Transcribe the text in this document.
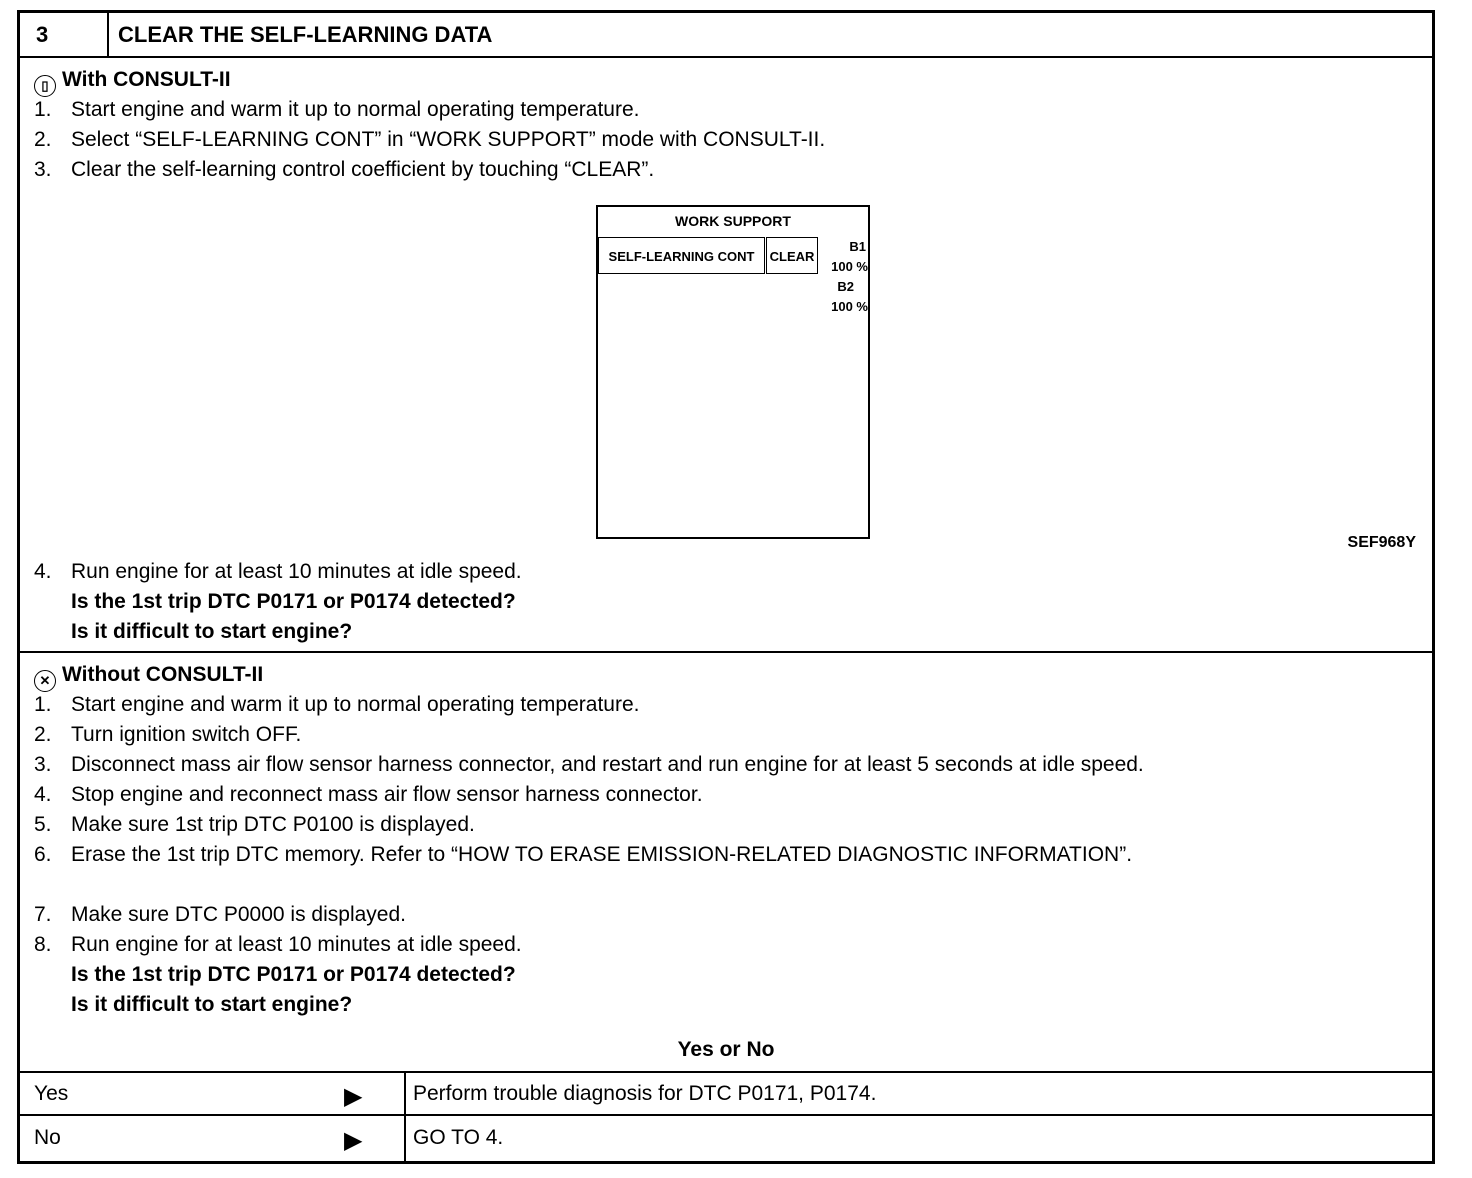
3	CLEAR THE SELF-LEARNING DATA
▯ With CONSULT-II
1. Start engine and warm it up to normal operating temperature.
2. Select “SELF-LEARNING CONT” in “WORK SUPPORT” mode with CONSULT-II.
3. Clear the self-learning control coefficient by touching “CLEAR”.
WORK SUPPORT
SELF-LEARNING CONT	CLEAR
B1
100 %
B2
100 %
SEF968Y
4. Run engine for at least 10 minutes at idle speed.
Is the 1st trip DTC P0171 or P0174 detected?
Is it difficult to start engine?
✕ Without CONSULT-II
1. Start engine and warm it up to normal operating temperature.
2. Turn ignition switch OFF.
3. Disconnect mass air flow sensor harness connector, and restart and run engine for at least 5 seconds at idle speed.
4. Stop engine and reconnect mass air flow sensor harness connector.
5. Make sure 1st trip DTC P0100 is displayed.
6. Erase the 1st trip DTC memory. Refer to “HOW TO ERASE EMISSION-RELATED DIAGNOSTIC INFORMATION”.
7. Make sure DTC P0000 is displayed.
8. Run engine for at least 10 minutes at idle speed.
Is the 1st trip DTC P0171 or P0174 detected?
Is it difficult to start engine?
Yes or No
Yes	▶ Perform trouble diagnosis for DTC P0171, P0174.
No	▶ GO TO 4.
